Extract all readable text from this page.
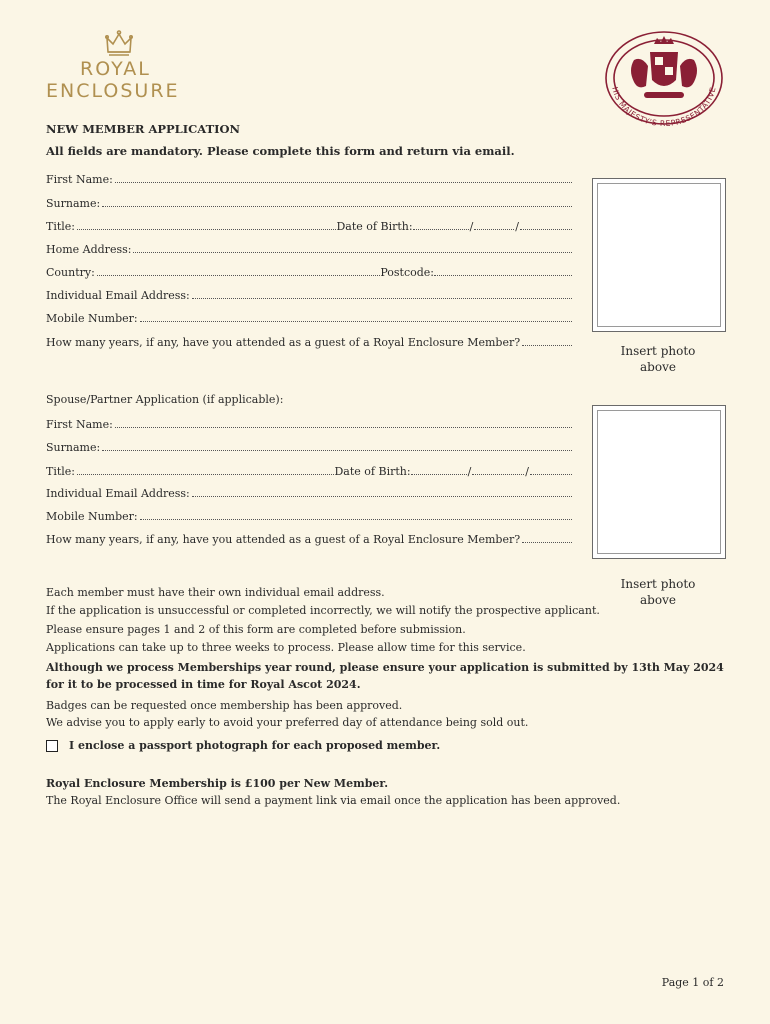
ROYAL
ENCLOSURE	HIS MAJESTY'S REPRESENTATIVE
NEW MEMBER APPLICATION
All fields are mandatory. Please complete this form and return via email.
First Name:
Surname:
Title:	Date of Birth:	/	/
Home Address:
Country:	Postcode:
Individual Email Address:
Mobile Number:
How many years, if any, have you attended as a guest of a Royal Enclosure Member?
Insert photo
above
Spouse/Partner Application (if applicable):
First Name:
Surname:
Title:	Date of Birth:	/	/
Individual Email Address:
Mobile Number:
How many years, if any, have you attended as a guest of a Royal Enclosure Member?
Insert photo
above
Each member must have their own individual email address.
If the application is unsuccessful or completed incorrectly, we will notify the prospective applicant.
Please ensure pages 1 and 2 of this form are completed before submission.
Applications can take up to three weeks to process. Please allow time for this service.
Although we process Memberships year round, please ensure your application is submitted by 13th May 2024
for it to be processed in time for Royal Ascot 2024.
Badges can be requested once membership has been approved.
We advise you to apply early to avoid your preferred day of attendance being sold out.
I enclose a passport photograph for each proposed member.
Royal Enclosure Membership is £100 per New Member.
The Royal Enclosure Office will send a payment link via email once the application has been approved.
Page 1 of 2
